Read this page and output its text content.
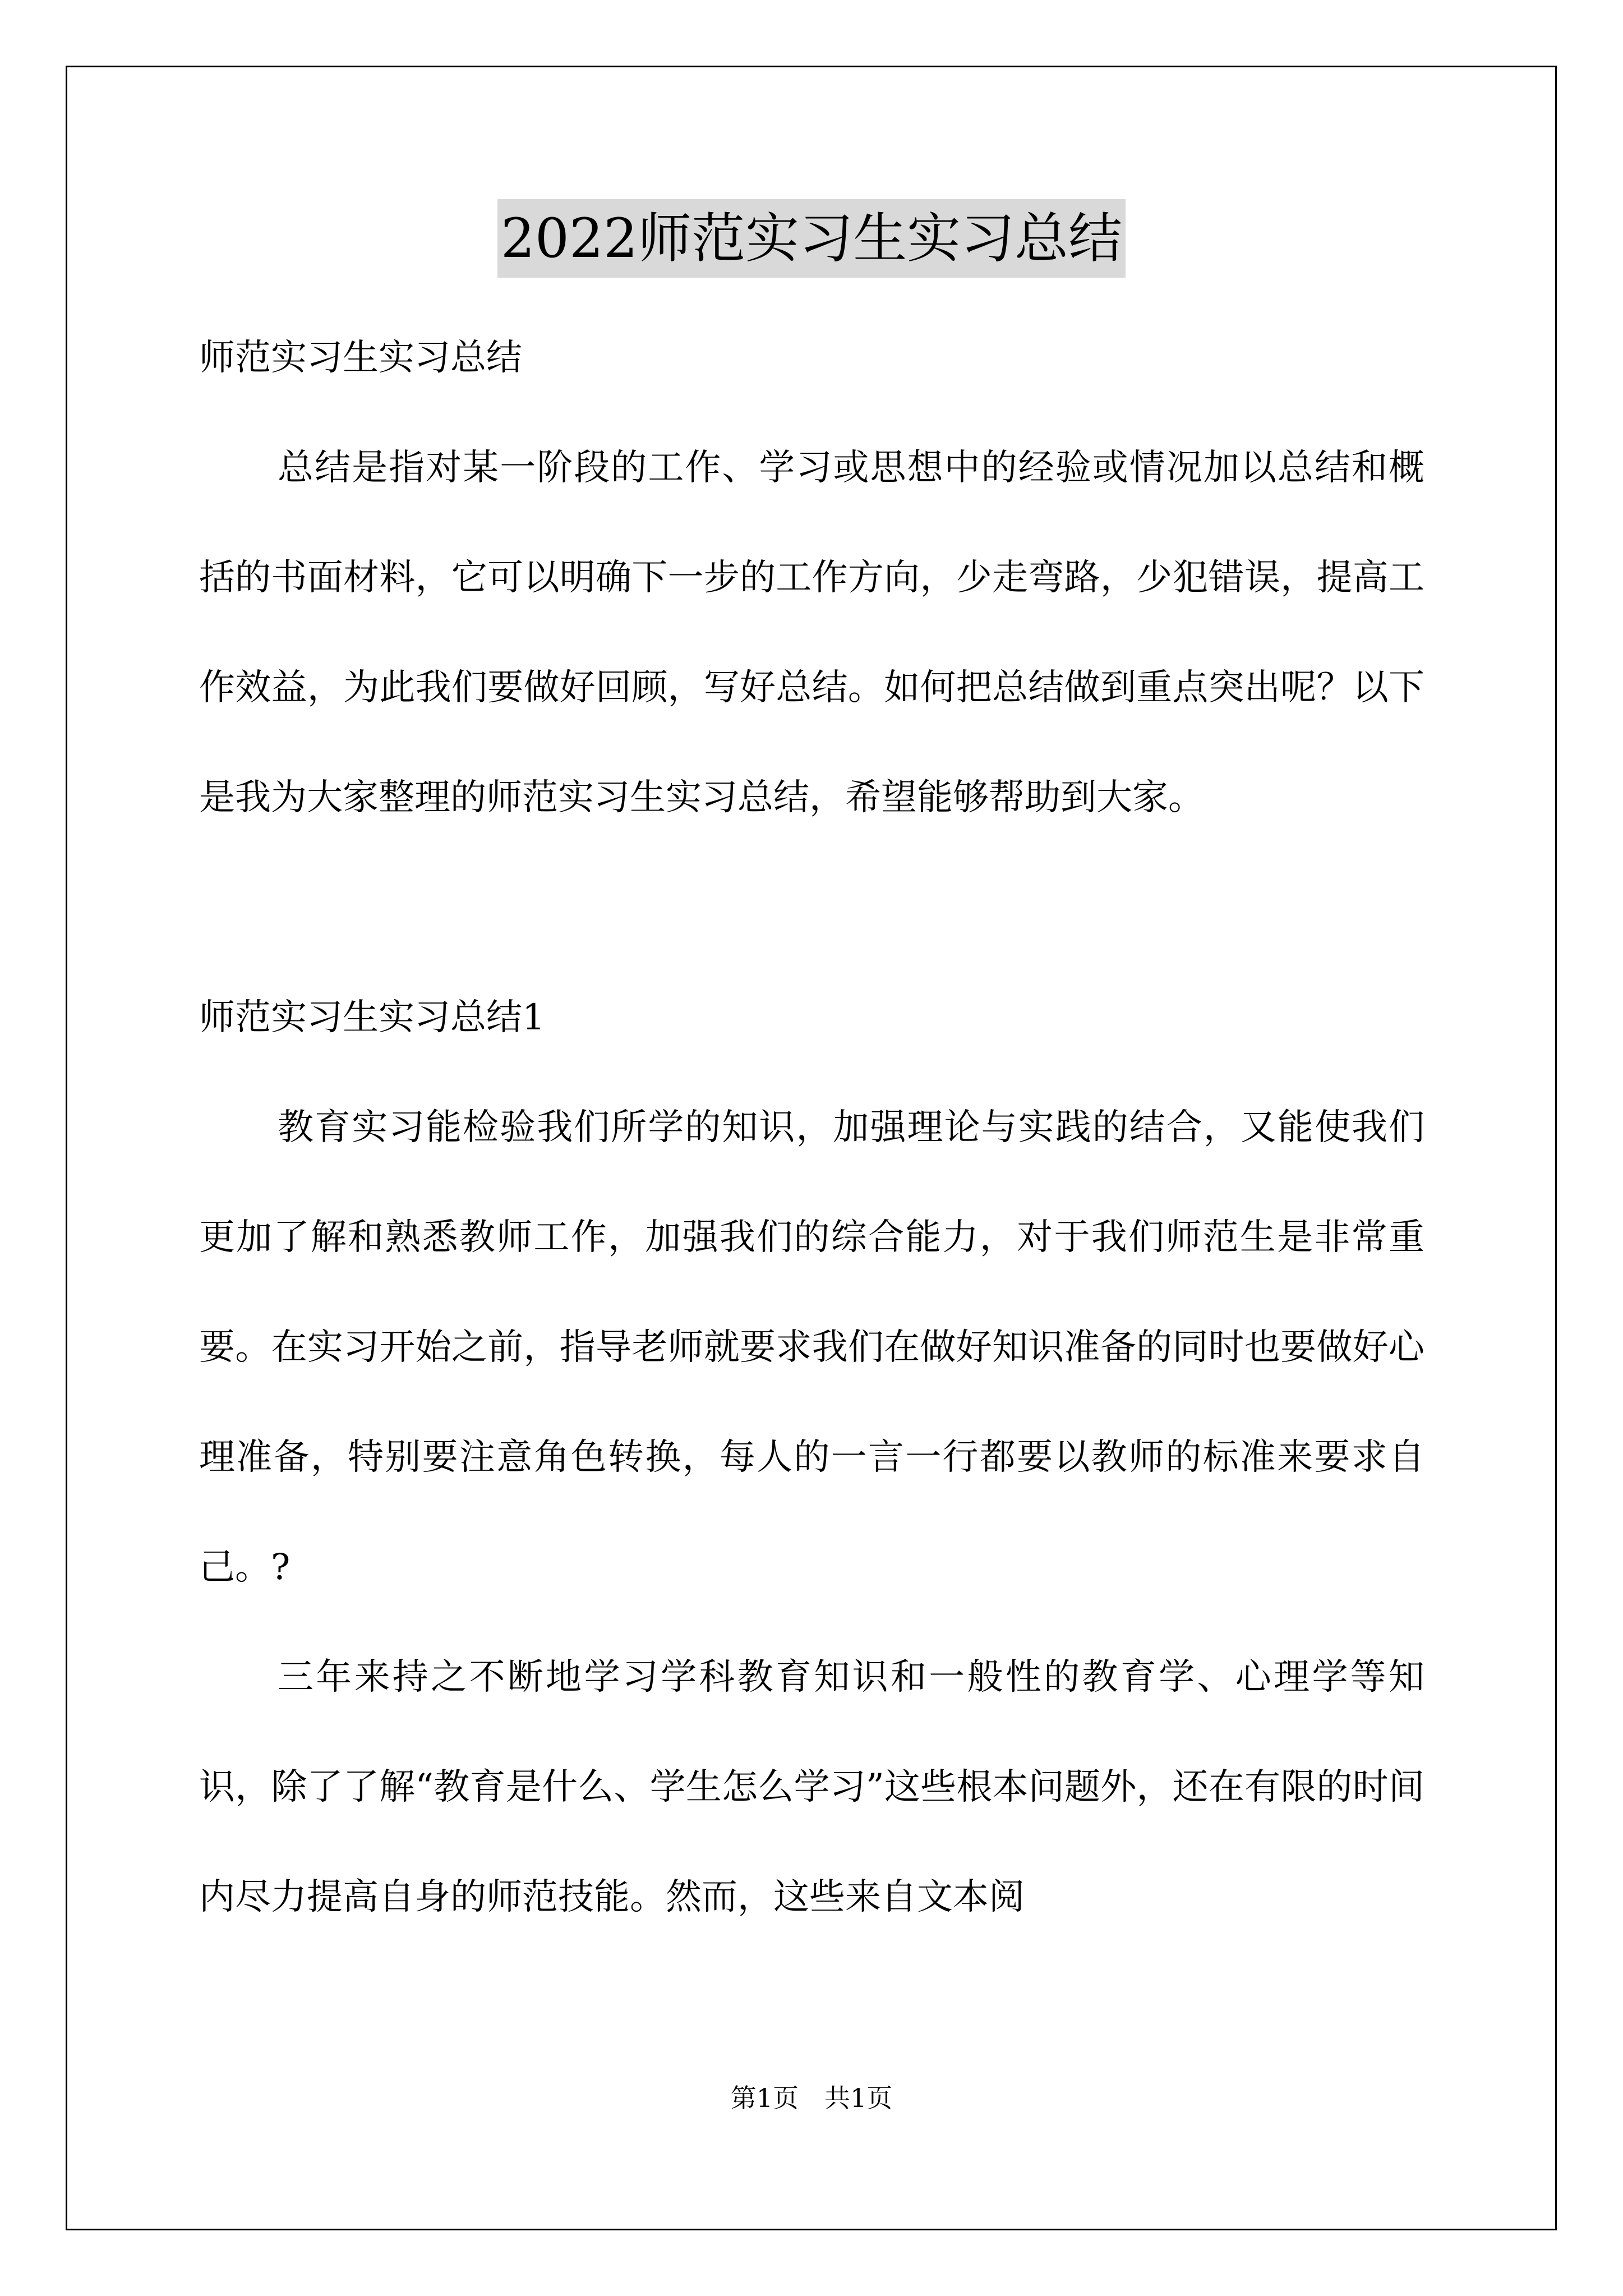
2022师范实习生实习总结

师范实习生实习总结

总结是指对某一阶段的工作、学习或思想中的经验或情况加以总结和概括的书面材料，它可以明确下一步的工作方向，少走弯路，少犯错误，提高工作效益，为此我们要做好回顾，写好总结。如何把总结做到重点突出呢？以下是我为大家整理的师范实习生实习总结，希望能够帮助到大家。

师范实习生实习总结1

教育实习能检验我们所学的知识，加强理论与实践的结合，又能使我们更加了解和熟悉教师工作，加强我们的综合能力，对于我们师范生是非常重要。在实习开始之前，指导老师就要求我们在做好知识准备的同时也要做好心理准备，特别要注意角色转换，每人的一言一行都要以教师的标准来要求自己。?

三年来持之不断地学习学科教育知识和一般性的教育学、心理学等知识，除了了解“教育是什么、学生怎么学习”这些根本问题外，还在有限的时间内尽力提高自身的师范技能。然而，这些来自文本阅

第1页　共1页
